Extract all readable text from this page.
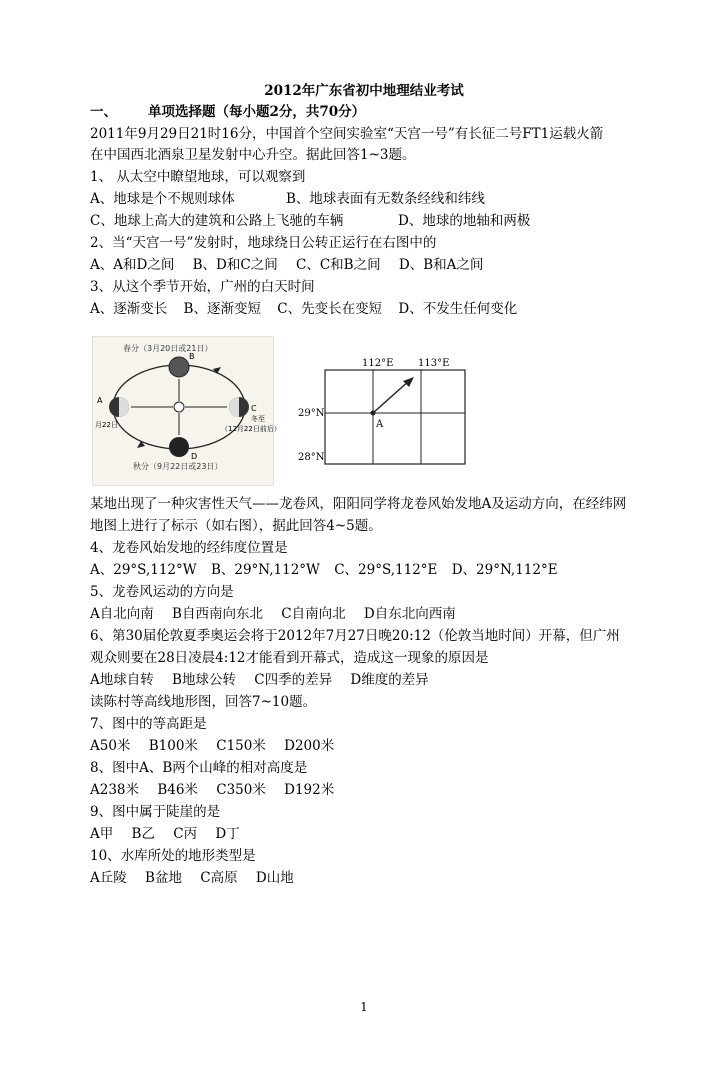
2012年广东省初中地理结业考试
一、 单项选择题（每小题2分，共70分）
2011年9月29日21时16分，中国首个空间实验室“天宫一号”有长征二号FT1运载火箭
在中国西北酒泉卫星发射中心升空。据此回答1~3题。
1、 从太空中瞭望地球，可以观察到
A、地球是个不规则球体	B、地球表面有无数条经线和纬线
C、地球上高大的建筑和公路上飞驰的车辆	D、地球的地轴和两极
2、当“天宫一号”发射时，地球绕日公转正运行在右图中的
A、A和D之间 B、D和C之间 C、C和B之间 D、B和A之间
3、从这个季节开始，广州的白天时间
A、逐渐变长 B、逐渐变短 C、先变长在变短 D、不发生任何变化
春分（3月20日或21日）
B
A
月22日
C
冬至
（12月22日前后）
D
秋分（9月22日或23日）
112°E 113°E
29°N
28°N
A
某地出现了一种灾害性天气——龙卷风，阳阳同学将龙卷风始发地A及运动方向，在经纬网
地图上进行了标示（如右图），据此回答4~5题。
4、龙卷风始发地的经纬度位置是
A、29°S,112°W B、29°N,112°W C、29°S,112°E D、29°N,112°E
5、龙卷风运动的方向是
A自北向南 B自西南向东北 C自南向北 D自东北向西南
6、第30届伦敦夏季奥运会将于2012年7月27日晚20:12（伦敦当地时间）开幕，但广州
观众则要在28日凌晨4:12才能看到开幕式，造成这一现象的原因是
A地球自转 B地球公转 C四季的差异 D维度的差异
读陈村等高线地形图，回答7~10题。
7、图中的等高距是
A50米 B100米 C150米 D200米
8、图中A、B两个山峰的相对高度是
A238米 B46米 C350米 D192米
9、图中属于陡崖的是
A甲 B乙 C丙 D丁
10、水库所处的地形类型是
A丘陵 B盆地 C高原 D山地
1
